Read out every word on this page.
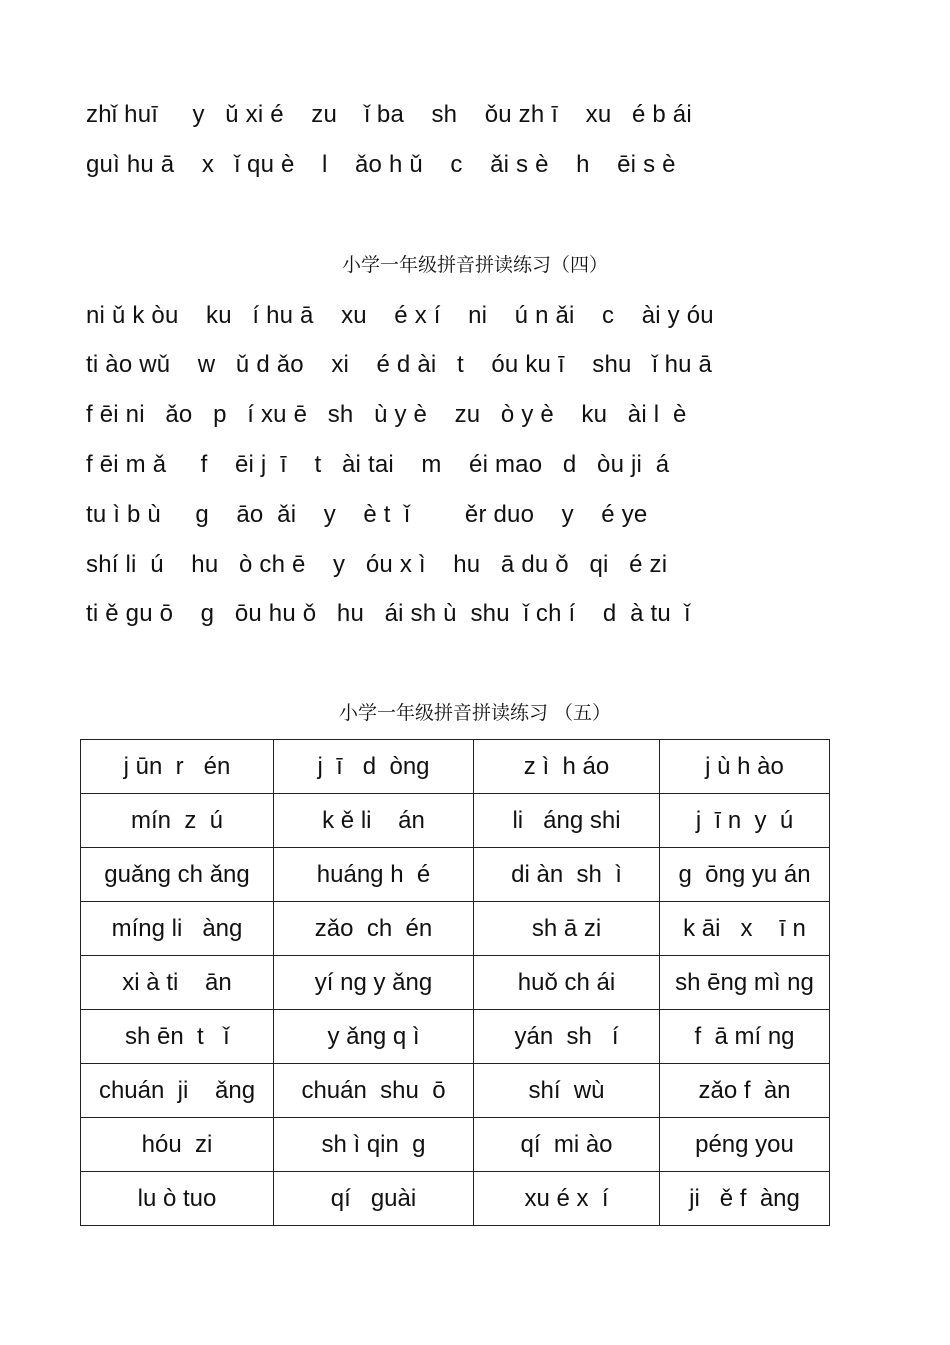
zhǐ huī     y   ǔ xi é    zu    ǐ ba    sh    ǒu zh ī    xu   é b ái
guì hu ā    x   ǐ qu è    l    ǎo h ǔ    c    ǎi s è    h    ēi s è
小学一年级拼音拼读练习（四）
ni ǔ k òu    ku   í hu ā    xu    é x í    ni    ú n ǎi    c    ài y óu
ti ào wǔ    w   ǔ d ǎo    xi    é d ài   t    óu ku ī    shu   ǐ hu ā
f ēi ni   ǎo   p   í xu ē   sh   ù y è    zu   ò y è    ku   ài l  è
f ēi m ǎ     f    ēi j  ī    t   ài tai    m    éi mao   d   òu ji  á
tu ì b ù     g    āo  ǎi    y    è t  ǐ        ěr duo    y    é ye
shí li  ú    hu   ò ch ē    y   óu x ì    hu   ā du ǒ   qi   é zi
ti ě gu ō    g   ōu hu ǒ   hu   ái sh ù  shu  ǐ ch í    d  à tu  ǐ
小学一年级拼音拼读练习 （五）
j ūn  r   én	j  ī   d  òng	z ì  h áo	j ù h ào
mín  z  ú	k ě li    án	li   áng shi	j  ī n  y  ú
guǎng ch ǎng	huáng h  é	di àn  sh  ì	g  ōng yu án
míng li   àng	zǎo  ch  én	sh ā zi	k āi   x    ī n
xi à ti    ān	yí ng y ǎng	huǒ ch ái	sh ēng mì ng
sh ēn  t   ǐ	y ǎng q ì	yán  sh   í	f  ā mí ng
chuán  ji    ǎng	chuán  shu  ō	shí  wù	zǎo f  àn
hóu  zi	sh ì qin  g	qí  mi ào	péng you
lu ò tuo	qí   guài	xu é x  í	ji   ě f  àng
